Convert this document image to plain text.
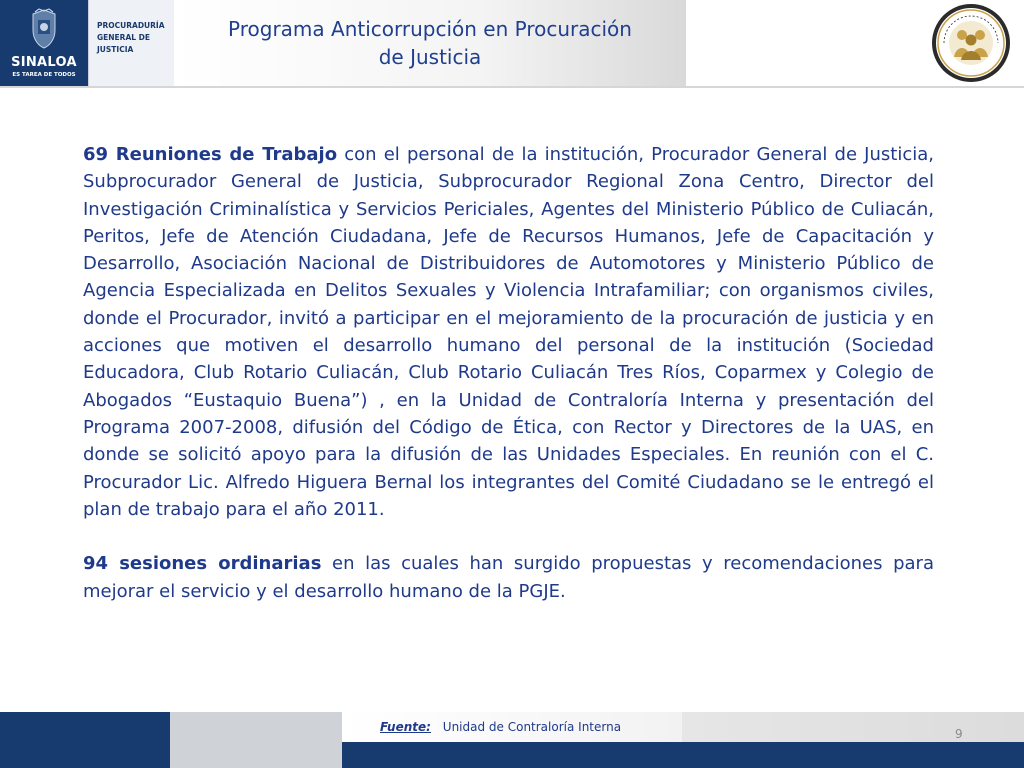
SINALOA
ES TAREA DE TODOS
PROCURADURÍA
GENERAL DE
JUSTICIA
Programa Anticorrupción en Procuración
de Justicia

69 Reuniones de Trabajo con el personal de la institución, Procurador General de Justicia, Subprocurador General de Justicia, Subprocurador Regional Zona Centro, Director del Investigación Criminalística y Servicios Periciales, Agentes del Ministerio Público de Culiacán, Peritos, Jefe de Atención Ciudadana, Jefe de Recursos Humanos, Jefe de Capacitación y Desarrollo, Asociación Nacional de Distribuidores de Automotores y Ministerio Público de Agencia Especializada en Delitos Sexuales y Violencia Intrafamiliar; con organismos civiles, donde el Procurador, invitó a participar en el mejoramiento de la procuración de justicia y en acciones que motiven el desarrollo humano del personal de la institución (Sociedad Educadora, Club Rotario Culiacán, Club Rotario Culiacán Tres Ríos, Coparmex y Colegio de Abogados “Eustaquio Buena”) , en la Unidad de Contraloría Interna y presentación del Programa 2007-2008, difusión del Código de Ética, con Rector y Directores de la UAS, en donde se solicitó apoyo para la difusión de las Unidades Especiales. En reunión con el C. Procurador Lic. Alfredo Higuera Bernal los integrantes del Comité Ciudadano se le entregó el plan de trabajo para el año 2011.

94 sesiones ordinarias en las cuales han surgido propuestas y recomendaciones para mejorar el servicio y el desarrollo humano de la PGJE.

Fuente: Unidad de Contraloría Interna	9
